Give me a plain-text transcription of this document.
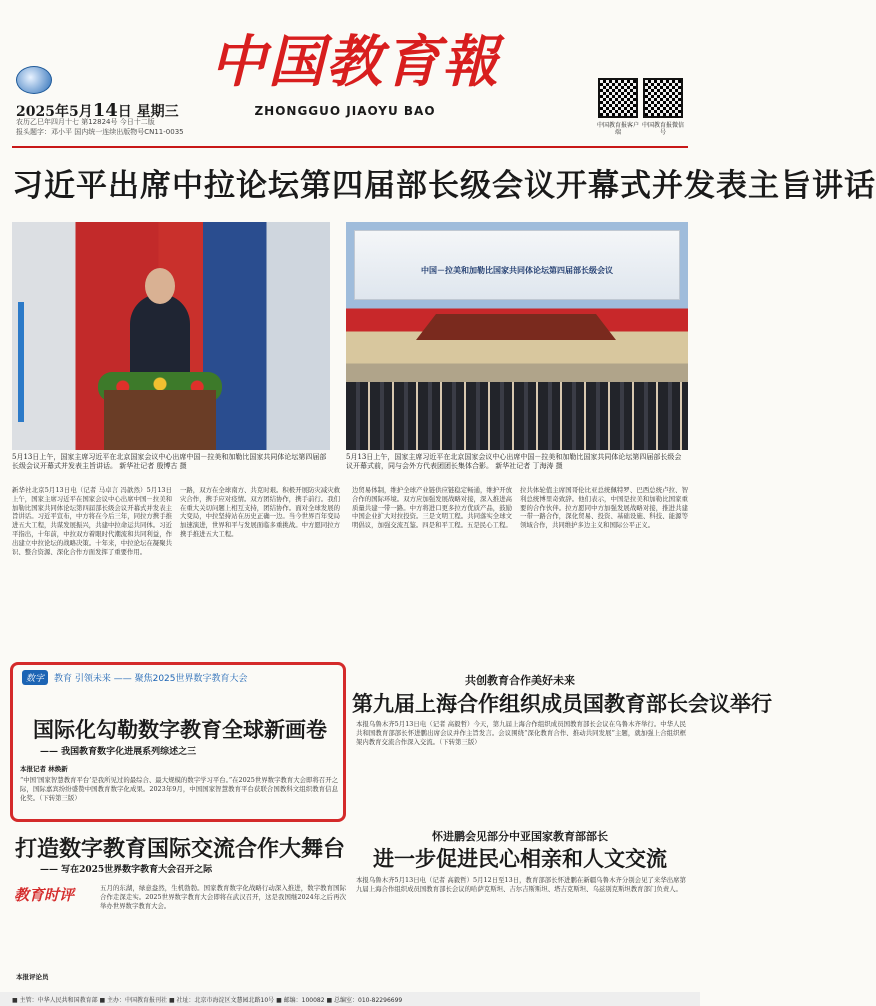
2025年5月14日 星期三
农历乙巳年四月十七 第12824号 今日十二版
报头题字：邓小平 国内统一连续出版物号CN11-0035
中国教育報
ZHONGGUO JIAOYU BAO
中国教育报客户端
中国教育报微信号
习近平出席中拉论坛第四届部长级会议开幕式并发表主旨讲话
中国－拉美和加勒比国家共同体论坛第四届部长级会议
5月13日上午，国家主席习近平在北京国家会议中心出席中国－拉美和加勒比国家共同体论坛第四届部长级会议开幕式并发表主旨讲话。 新华社记者 殷博古 摄
5月13日上午，国家主席习近平在北京国家会议中心出席中国－拉美和加勒比国家共同体论坛第四届部长级会议开幕式前，同与会外方代表团团长集体合影。 新华社记者 丁海涛 摄
新华社北京5月13日电（记者 马卓言 冯歆然）5月13日上午，国家主席习近平在国家会议中心出席中国－拉美和加勒比国家共同体论坛第四届部长级会议开幕式并发表主旨讲话。习近平宣布，中方将在今后三年，同拉方携手推进五大工程，共谋发展振兴，共建中拉命运共同体。习近平指出，十年前，中拉双方着眼时代潮流和共同利益，作出建立中拉论坛的战略决策。十年来，中拉论坛在凝聚共识、整合资源、深化合作方面发挥了重要作用。
一路，双方在全球南方、共克时艰。积极开展防灾减灾救灾合作，携手应对疫情。双方团结协作，携手前行。我们在重大关切问题上相互支持，团结协作。面对全球发展的大变局，中拉坚持站在历史正确一边。当今世界百年变局加速演进，世界和平与发展面临多重挑战。中方愿同拉方携手推进五大工程。
边贸易体制，维护全球产业链供应链稳定畅通，维护开放合作的国际环境。双方应加强发展战略对接，深入推进高质量共建一带一路。中方将进口更多拉方优质产品，鼓励中国企业扩大对拉投资。三是文明工程。共同落实全球文明倡议，加强交流互鉴。四是和平工程。五是民心工程。
拉共体轮值主席国哥伦比亚总统佩特罗、巴西总统卢拉、智利总统博里奇致辞。他们表示，中国是拉美和加勒比国家重要的合作伙伴。拉方愿同中方加强发展战略对接，推进共建一带一路合作，深化贸易、投资、基础设施、科技、能源等领域合作，共同维护多边主义和国际公平正义。
数字 教育 引领未来 —— 聚焦2025世界数字教育大会
国际化勾勒数字教育全球新画卷
—— 我国教育数字化进展系列综述之三
本报记者 林焕新
“中国‘国家智慧教育平台’是我所见过的最综合、最大规模的数字学习平台。”在2025世界数字教育大会即将召开之际，国际嘉宾纷纷盛赞中国教育数字化成果。2023年9月，中国国家智慧教育平台获联合国教科文组织教育信息化奖。（下转第三版）
共创教育合作美好未来
第九届上海合作组织成员国教育部长会议举行
本报乌鲁木齐5月13日电（记者 高毅哲）今天，第九届上海合作组织成员国教育部长会议在乌鲁木齐举行。中华人民共和国教育部部长怀进鹏出席会议并作主旨发言。会议围绕“深化教育合作、推动共同发展”主题，就加强上合组织框架内教育交流合作深入交流。（下转第三版）
打造数字教育国际交流合作大舞台
—— 写在2025世界数字教育大会召开之际
教育时评
本报评论员
五月的东湖，绿意盎然，生机勃勃。国家教育数字化战略行动深入推进，数字教育国际合作走深走实。2025世界数字教育大会即将在武汉召开，这是我国继2024年之后再次举办世界数字教育大会。
怀进鹏会见部分中亚国家教育部部长
进一步促进民心相亲和人文交流
本报乌鲁木齐5月13日电（记者 高毅哲）5月12日至13日，教育部部长怀进鹏在新疆乌鲁木齐分别会见了来华出席第九届上海合作组织成员国教育部长会议的哈萨克斯坦、吉尔吉斯斯坦、塔吉克斯坦、乌兹别克斯坦教育部门负责人。
■ 主管：中华人民共和国教育部 ■ 主办：中国教育报刊社 ■ 社址：北京市海淀区文慧园北路10号 ■ 邮编：100082 ■ 总编室：010-82296699
